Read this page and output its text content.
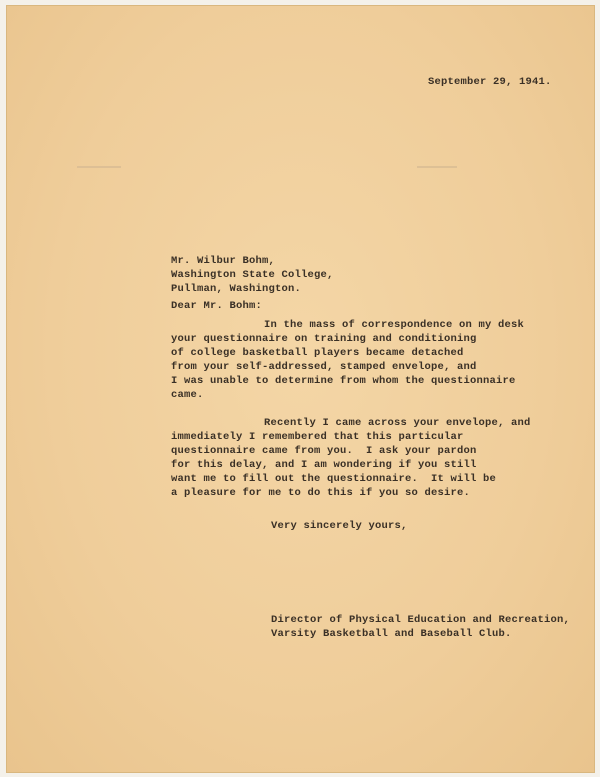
September 29, 1941.
Mr. Wilbur Bohm,
Washington State College,
Pullman, Washington.
Dear Mr. Bohm:
In the mass of correspondence on my desk
your questionnaire on training and conditioning
of college basketball players became detached
from your self-addressed, stamped envelope, and
I was unable to determine from whom the questionnaire
came.
Recently I came across your envelope, and
immediately I remembered that this particular
questionnaire came from you.  I ask your pardon
for this delay, and I am wondering if you still
want me to fill out the questionnaire.  It will be
a pleasure for me to do this if you so desire.
Very sincerely yours,
Director of Physical Education and Recreation,
Varsity Basketball and Baseball Club.
